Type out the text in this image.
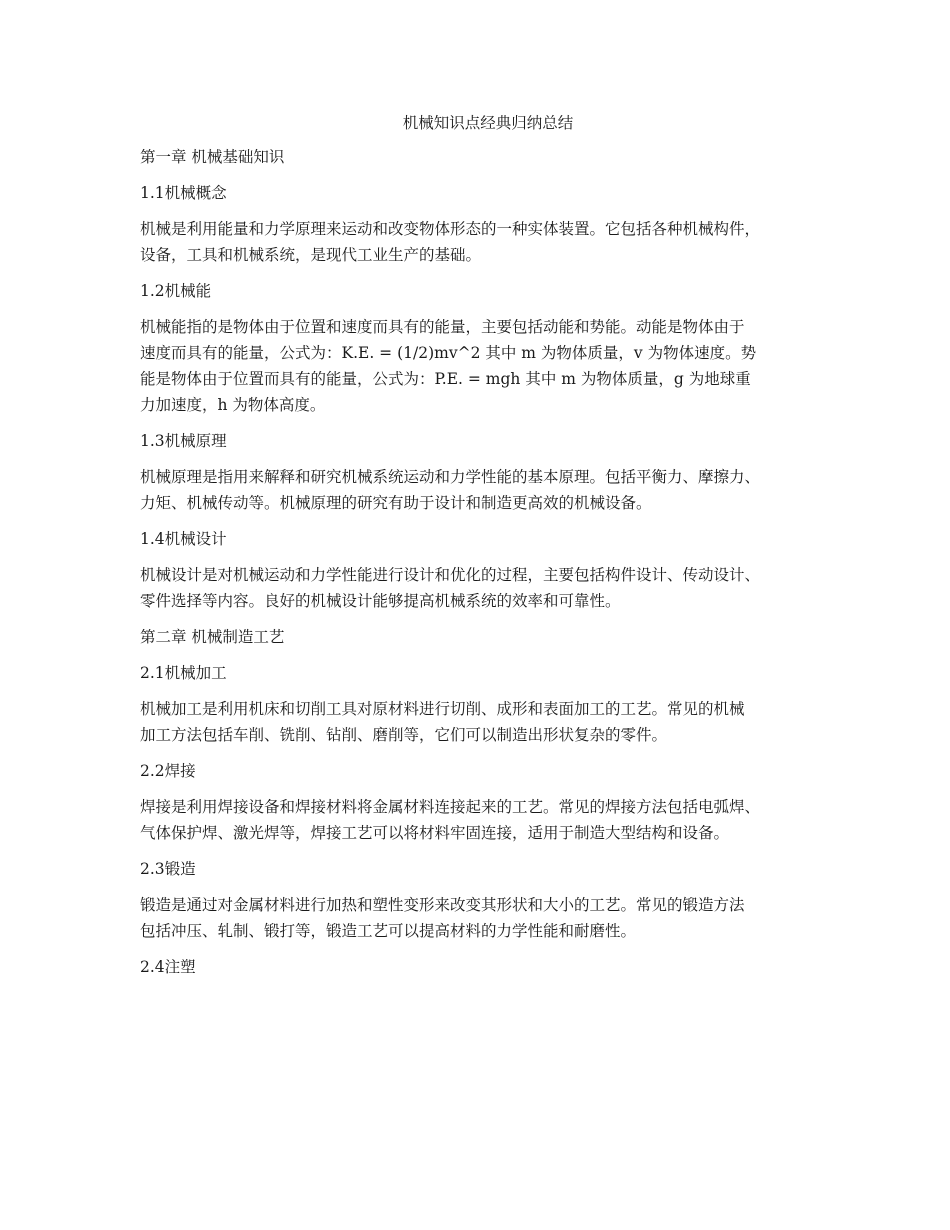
机械知识点经典归纳总结
第一章 机械基础知识
1.1机械概念
机械是利用能量和力学原理来运动和改变物体形态的一种实体装置。它包括各种机械构件，
设备，工具和机械系统，是现代工业生产的基础。
1.2机械能
机械能指的是物体由于位置和速度而具有的能量，主要包括动能和势能。动能是物体由于
速度而具有的能量，公式为：K.E. = (1/2)mv^2 其中 m 为物体质量，v 为物体速度。势
能是物体由于位置而具有的能量，公式为：P.E. = mgh 其中 m 为物体质量，g 为地球重
力加速度，h 为物体高度。
1.3机械原理
机械原理是指用来解释和研究机械系统运动和力学性能的基本原理。包括平衡力、摩擦力、
力矩、机械传动等。机械原理的研究有助于设计和制造更高效的机械设备。
1.4机械设计
机械设计是对机械运动和力学性能进行设计和优化的过程，主要包括构件设计、传动设计、
零件选择等内容。良好的机械设计能够提高机械系统的效率和可靠性。
第二章 机械制造工艺
2.1机械加工
机械加工是利用机床和切削工具对原材料进行切削、成形和表面加工的工艺。常见的机械
加工方法包括车削、铣削、钻削、磨削等，它们可以制造出形状复杂的零件。
2.2焊接
焊接是利用焊接设备和焊接材料将金属材料连接起来的工艺。常见的焊接方法包括电弧焊、
气体保护焊、激光焊等，焊接工艺可以将材料牢固连接，适用于制造大型结构和设备。
2.3锻造
锻造是通过对金属材料进行加热和塑性变形来改变其形状和大小的工艺。常见的锻造方法
包括冲压、轧制、锻打等，锻造工艺可以提高材料的力学性能和耐磨性。
2.4注塑
